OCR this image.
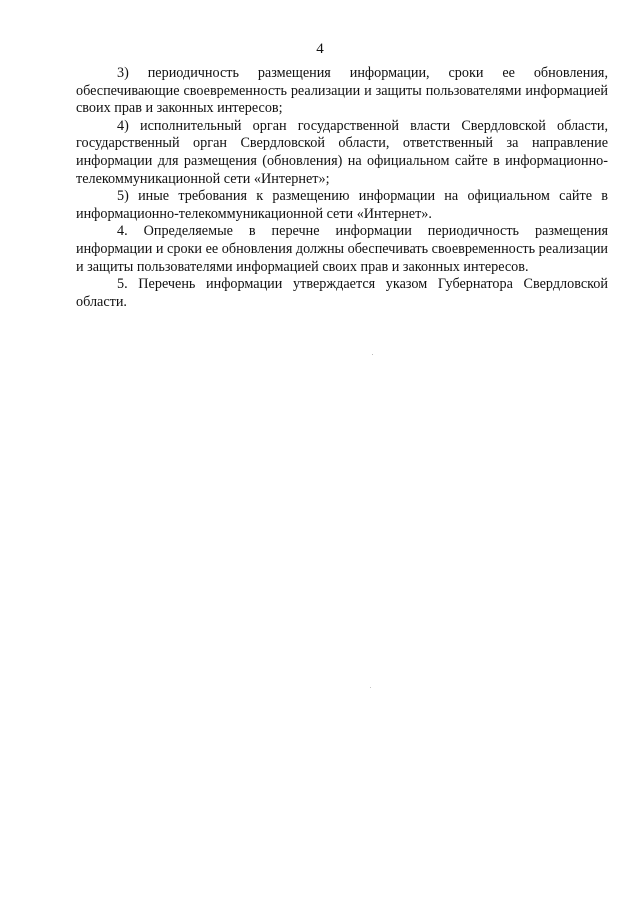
4

3) периодичность размещения информации, сроки ее обновления, обеспечивающие своевременность реализации и защиты пользователями информацией своих прав и законных интересов;

4) исполнительный орган государственной власти Свердловской области, государственный орган Свердловской области, ответственный за направление информации для размещения (обновления) на официальном сайте в информационно-телекоммуникационной сети «Интернет»;

5) иные требования к размещению информации на официальном сайте в информационно-телекоммуникационной сети «Интернет».

4. Определяемые в перечне информации периодичность размещения информации и сроки ее обновления должны обеспечивать своевременность реализации и защиты пользователями информацией своих прав и законных интересов.

5. Перечень информации утверждается указом Губернатора Свердловской области.
